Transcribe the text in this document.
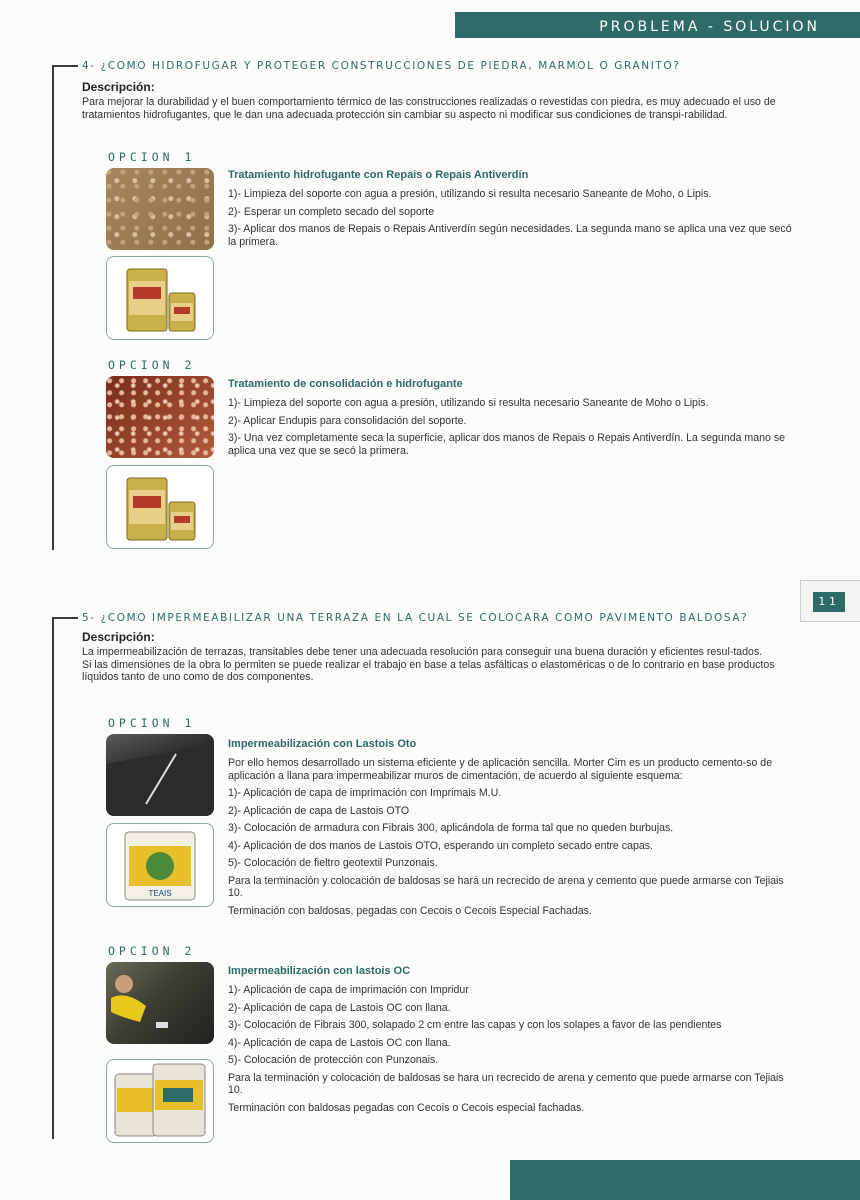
PROBLEMA - SOLUCION
11
4- ¿COMO HIDROFUGAR Y PROTEGER CONSTRUCCIONES DE PIEDRA, MARMOL O GRANITO?
Descripción:
Para mejorar la durabilidad y el buen comportamiento térmico de las construcciones realizadas o revestidas con piedra, es muy adecuado el uso de tratamientos hidrofugantes, que le dan una adecuada protección sin cambiar su aspecto ni modificar sus condiciones de transpi-rabilidad.
OPCION 1
Tratamiento hidrofugante con Repais o Repais Antiverdín
1)- Limpieza del soporte con agua a presión, utilizando si resulta necesario Saneante de Moho, o Lipis.
2)- Esperar un completo secado del soporte
3)- Aplicar dos manos de Repais o Repais Antiverdín según necesidades. La segunda mano se aplica una vez que secó la primera.
OPCION 2
Tratamiento de consolidación e hidrofugante
1)- Limpieza del soporte con agua a presión, utilizando si resulta necesario Saneante de Moho o Lipis.
2)- Aplicar Endupis para consolidación del soporte.
3)- Una vez completamente seca la superficie, aplicar dos manos de Repais o Repais Antiverdín. La segunda mano se aplica una vez que se secó la primera.
5- ¿COMO IMPERMEABILIZAR UNA TERRAZA EN LA CUAL SE COLOCARA COMO PAVIMENTO BALDOSA?
Descripción:

La impermeabilización de terrazas, transitables debe tener una adecuada resolución para conseguir una buena duración y eficientes resul-tados.

Si las dimensiones de la obra lo permiten se puede realizar el trabajo en base a telas asfálticas o elastoméricas o de lo contrario en base productos líquidos tanto de uno como de dos componentes.

OPCION 1
TEAIS
Impermeabilización con Lastois Oto
Por ello hemos desarrollado un sistema eficiente y de aplicación sencilla. Morter Cim es un producto cemento-so de aplicación a llana para impermeabilizar muros de cimentación, de acuerdo al siguiente esquema:
1)- Aplicación de capa de imprimación con Imprimais M.U.
2)- Aplicación de capa de Lastois OTO
3)- Colocación de armadura con Fibrais 300, aplicándola de forma tal que no queden burbujas.
4)- Aplicación de dos manos de Lastois OTO, esperando un completo secado entre capas.
5)- Colocación de fieltro geotextil Punzonais.
Para la terminación y colocación de baldosas se hará un recrecido de arena y cemento que puede armarse con Tejiais 10.
Terminación con baldosas, pegadas con Cecois o Cecois Especial Fachadas.
OPCION 2
Impermeabilización con lastois OC
1)- Aplicación de capa de imprimación con Impridur
2)- Aplicación de capa de Lastois OC con llana.
3)- Colocación de Fibrais 300, solapado 2 cm entre las capas y con los solapes a favor de las pendientes
4)- Aplicación de capa de Lastois OC con llana.
5)- Colocación de protección con Punzonais.
Para la terminación y colocación de baldosas se hara un recrecido de arena y cemento que puede armarse con Tejiais 10.
Terminación con baldosas pegadas con Cecois o Cecois especial fachadas.
